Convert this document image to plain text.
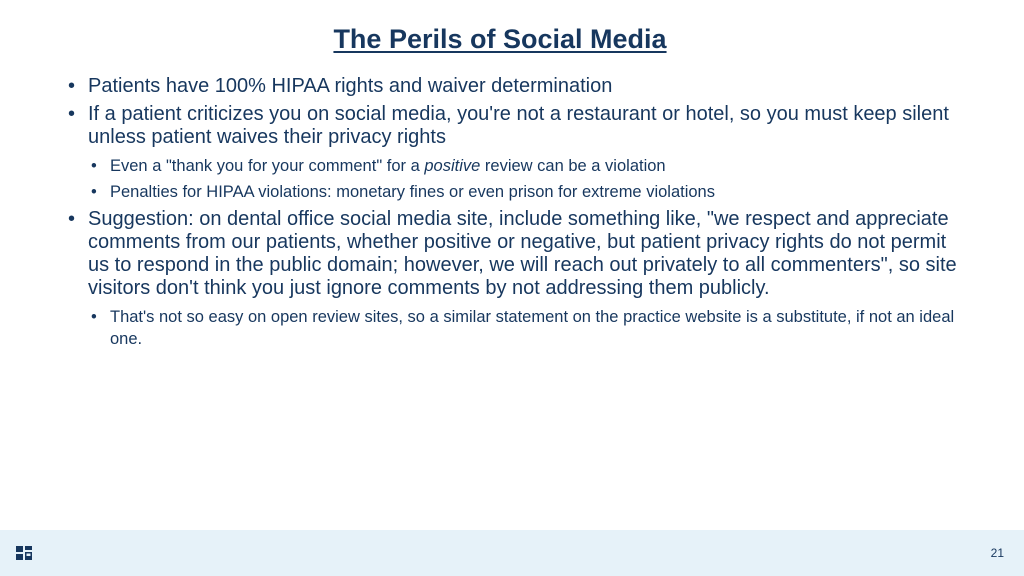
The Perils of Social Media
• Patients have 100% HIPAA rights and waiver determination
• If a patient criticizes you on social media, you're not a restaurant or hotel, so you must keep silent unless patient waives their privacy rights
• Even a "thank you for your comment" for a positive review can be a violation
• Penalties for HIPAA violations: monetary fines or even prison for extreme violations
• Suggestion: on dental office social media site, include something like, "we respect and appreciate comments from our patients, whether positive or negative, but patient privacy rights do not permit us to respond in the public domain; however, we will reach out privately to all commenters", so site visitors don't think you just ignore comments by not addressing them publicly.
• That's not so easy on open review sites, so a similar statement on the practice website is a substitute, if not an ideal one.
21
